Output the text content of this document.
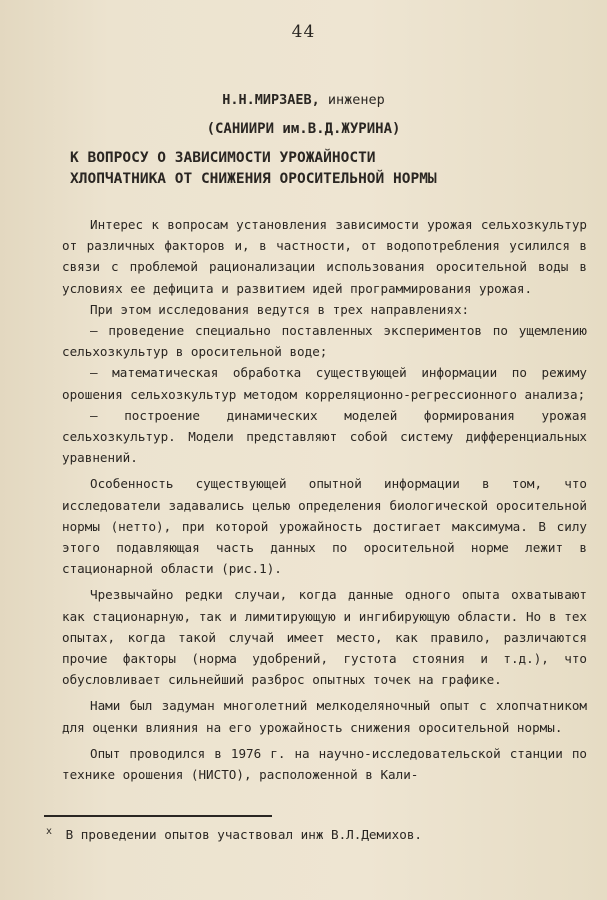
44
Н.Н.МИРЗАЕВ, инженер
(САНИИРИ им.В.Д.ЖУРИНА)
К ВОПРОСУ О ЗАВИСИМОСТИ УРОЖАЙНОСТИ
ХЛОПЧАТНИКА ОТ СНИЖЕНИЯ ОРОСИТЕЛЬНОЙ НОРМЫ

Интерес к вопросам установления зависимости урожая сельхозкультур от различных факторов и, в частности, от водопотребления усилился в связи с проблемой рационализации использования оросительной воды в условиях ее дефицита и развитием идей программирования урожая.

При этом исследования ведутся в трех направлениях:

– проведение специально поставленных экспериментов по ущемлению сельхозкультур в оросительной воде;

– математическая обработка существующей информации по режиму орошения сельхозкультур методом корреляционно-регрессионного анализа;

– построение динамических моделей формирования урожая сельхозкультур. Модели представляют собой систему дифференциальных уравнений.

Особенность существующей опытной информации в том, что исследователи задавались целью определения биологической оросительной нормы (нетто), при которой урожайность достигает максимума. В силу этого подавляющая часть данных по оросительной норме лежит в стационарной области (рис.1).

Чрезвычайно редки случаи, когда данные одного опыта охватывают как стационарную, так и лимитирующую и ингибирующую области. Но в тех опытах, когда такой случай имеет место, как правило, различаются прочие факторы (норма удобрений, густота стояния и т.д.), что обусловливает сильнейший разброс опытных точек на графике.

Нами был задуман многолетний мелкоделяночный опыт с хлопчатником для оценки влияния на его урожайность снижения оросительной нормы.

Опыт проводился в 1976 г. на научно-исследовательской станции по технике орошения (НИСТО), расположенной в Кали-

$^x$ В проведении опытов участвовал инж В.Л.Демихов.
